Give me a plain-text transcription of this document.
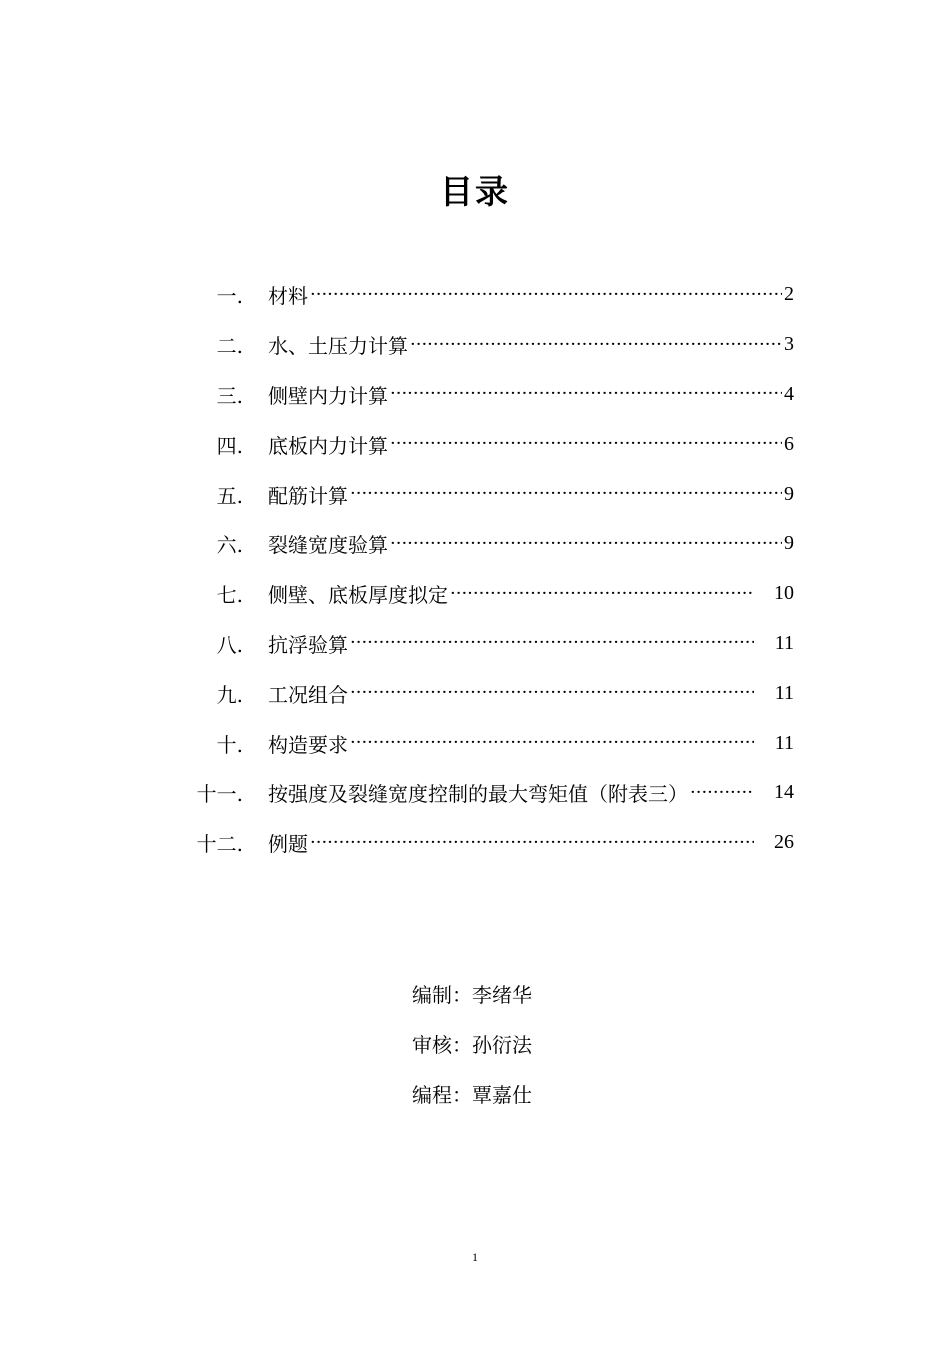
目录
一. 材料 ·····	2
二. 水、土压力计算 ·····	3
三. 侧壁内力计算 ·····	4
四. 底板内力计算 ·····	6
五. 配筋计算 ·····	9
六. 裂缝宽度验算 ·····	9
七. 侧壁、底板厚度拟定 ·····	10
八. 抗浮验算 ·····	11
九. 工况组合 ·····	11
十. 构造要求 ·····	11
十一. 按强度及裂缝宽度控制的最大弯矩值（附表三） ·····	14
十二. 例题 ·····	26
编制： 李绪华
审核： 孙衍法
编程： 覃嘉仕
1
